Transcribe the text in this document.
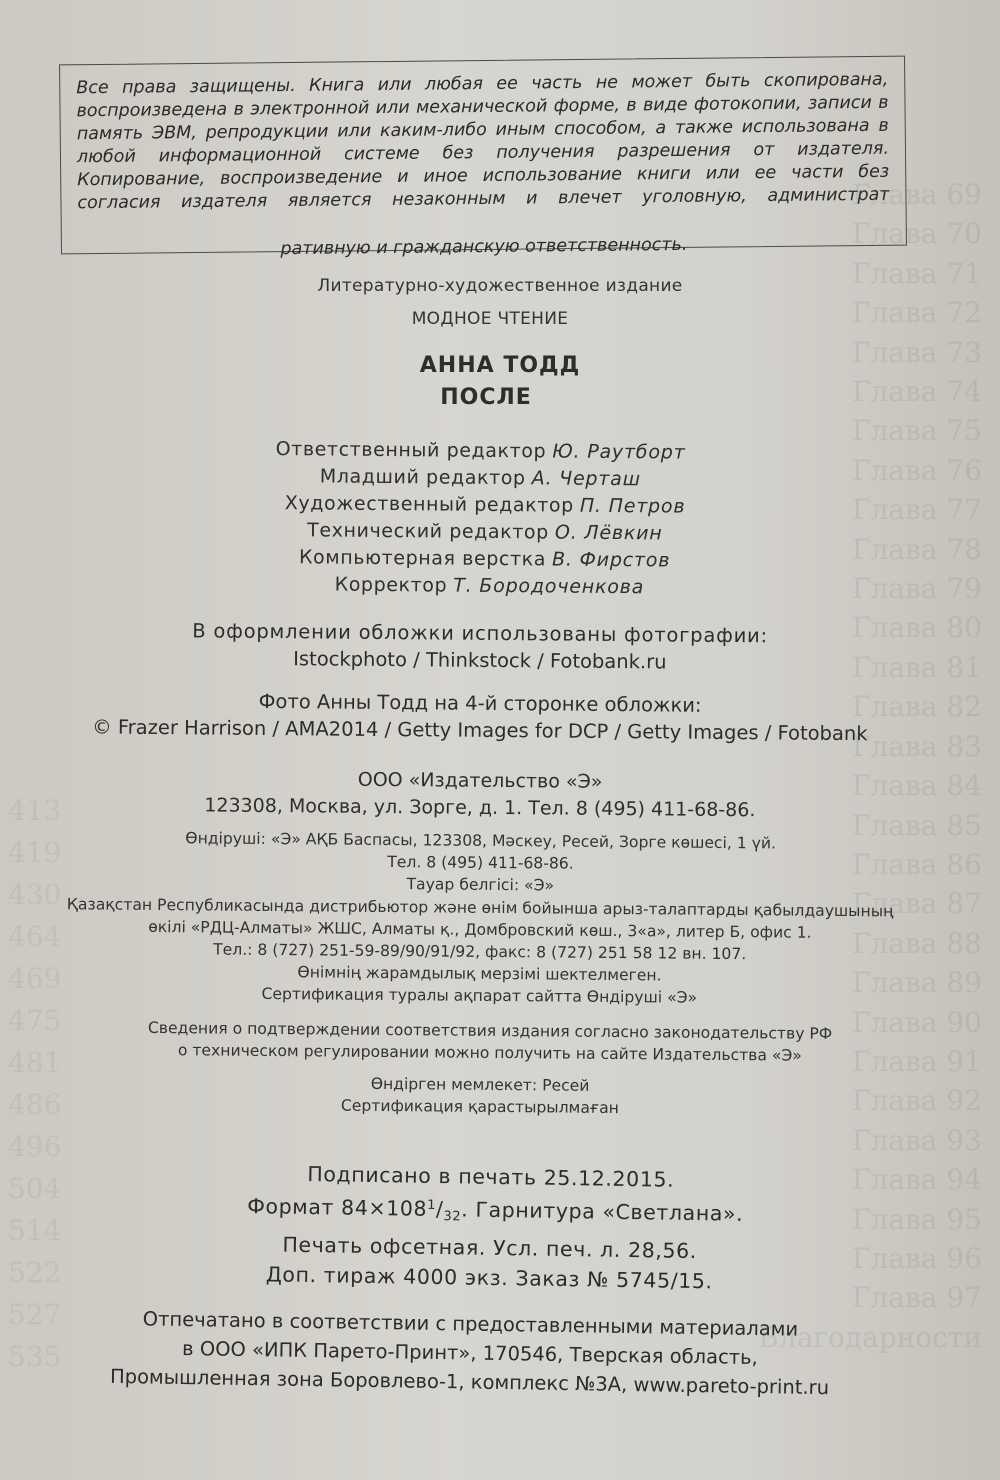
Глава 69
Глава 70
Глава 71
Глава 72
Глава 73
Глава 74
Глава 75
Глава 76
Глава 77
Глава 78
Глава 79
Глава 80
Глава 81
Глава 82
Глава 83
Глава 84
Глава 85
Глава 86
Глава 87
Глава 88
Глава 89
Глава 90
Глава 91
Глава 92
Глава 93
Глава 94
Глава 95
Глава 96
Глава 97
Благодарности
413
419
430
464
469
475
481
486
496
504
514
522
527
535
Все права защищены. Книга или любая ее часть не может быть скопирована, воспроизведена в электронной или механической форме, в виде фотокопии, записи в память ЭВМ, репродукции или каким-либо иным способом, а также использована в любой информационной системе без получения разрешения от издателя. Копирование, воспроизведение и иное использование книги или ее части без согласия издателя является незаконным и влечет уголовную, администрат
ративную и гражданскую ответственность.
Литературно-художественное издание
МОДНОЕ ЧТЕНИЕ
АННА ТОДД
ПОСЛЕ
Ответственный редактор Ю. Раутборт
Младший редактор А. Черташ
Художественный редактор П. Петров
Технический редактор О. Лёвкин
Компьютерная верстка В. Фирстов
Корректор Т. Бородоченкова
В оформлении обложки использованы фотографии:
Istockphoto / Thinkstock / Fotobank.ru
Фото Анны Тодд на 4-й сторонке обложки:
© Frazer Harrison / AMA2014 / Getty Images for DCP / Getty Images / Fotobank
ООО «Издательство «Э»
123308, Москва, ул. Зорге, д. 1. Тел. 8 (495) 411-68-86.
Өндіруші: «Э» АҚБ Баспасы, 123308, Мәскеу, Ресей, Зорге көшесі, 1 үй.
Тел. 8 (495) 411-68-86.
Тауар белгісі: «Э»
Қазақстан Республикасында дистрибьютор және өнім бойынша арыз-талаптарды қабылдаушының
өкілі «РДЦ-Алматы» ЖШС, Алматы қ., Домбровский көш., 3«а», литер Б, офис 1.
Тел.: 8 (727) 251-59-89/90/91/92, факс: 8 (727) 251 58 12 вн. 107.
Өнімнің жарамдылық мерзімі шектелмеген.
Сертификация туралы ақпарат сайтта Өндіруші «Э»
Сведения о подтверждении соответствия издания согласно законодательству РФ
о техническом регулировании можно получить на сайте Издательства «Э»
Өндірген мемлекет: Ресей
Сертификация қарастырылмаған
Подписано в печать 25.12.2015.
Формат $84\times 108^1/32$. Гарнитура «Светлана».
Печать офсетная. Усл. печ. л. 28,56.
Доп. тираж 4000 экз. Заказ № 5745/15.
Отпечатано в соответствии с предоставленными материалами
в ООО «ИПК Парето-Принт», 170546, Тверская область,
Промышленная зона Боровлево-1, комплекс №3А, www.pareto-print.ru
